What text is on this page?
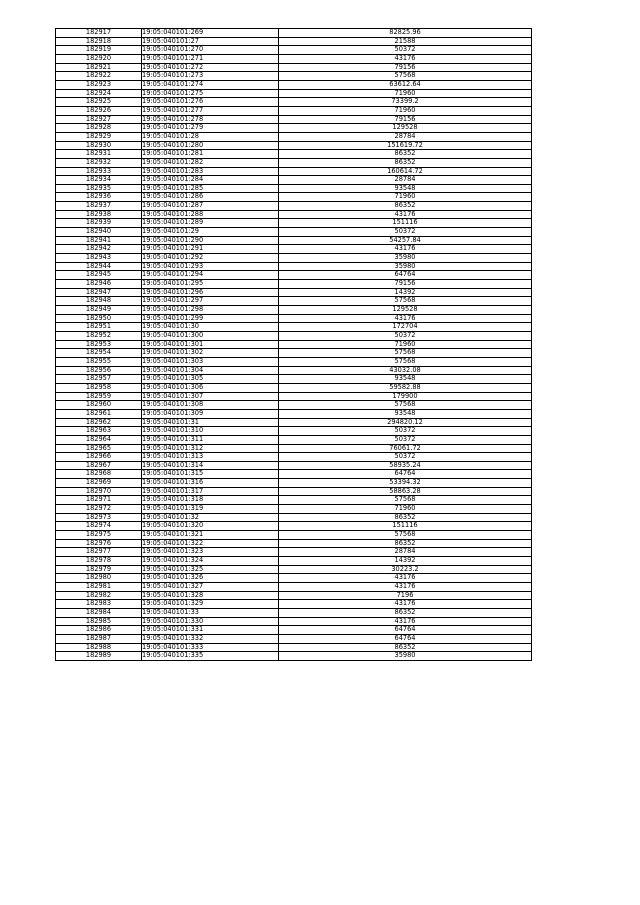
182917	19:05:040101:269	82825.96
182918	19:05:040101:27	21588
182919	19:05:040101:270	50372
182920	19:05:040101:271	43176
182921	19:05:040101:272	79156
182922	19:05:040101:273	57568
182923	19:05:040101:274	63612.64
182924	19:05:040101:275	71960
182925	19:05:040101:276	73399.2
182926	19:05:040101:277	71960
182927	19:05:040101:278	79156
182928	19:05:040101:279	129528
182929	19:05:040101:28	28784
182930	19:05:040101:280	151619.72
182931	19:05:040101:281	86352
182932	19:05:040101:282	86352
182933	19:05:040101:283	160614.72
182934	19:05:040101:284	28784
182935	19:05:040101:285	93548
182936	19:05:040101:286	71960
182937	19:05:040101:287	86352
182938	19:05:040101:288	43176
182939	19:05:040101:289	151116
182940	19:05:040101:29	50372
182941	19:05:040101:290	54257.84
182942	19:05:040101:291	43176
182943	19:05:040101:292	35980
182944	19:05:040101:293	35980
182945	19:05:040101:294	64764
182946	19:05:040101:295	79156
182947	19:05:040101:296	14392
182948	19:05:040101:297	57568
182949	19:05:040101:298	129528
182950	19:05:040101:299	43176
182951	19:05:040101:30	172704
182952	19:05:040101:300	50372
182953	19:05:040101:301	71960
182954	19:05:040101:302	57568
182955	19:05:040101:303	57568
182956	19:05:040101:304	43032.08
182957	19:05:040101:305	93548
182958	19:05:040101:306	59582.88
182959	19:05:040101:307	179900
182960	19:05:040101:308	57568
182961	19:05:040101:309	93548
182962	19:05:040101:31	294820.12
182963	19:05:040101:310	50372
182964	19:05:040101:311	50372
182965	19:05:040101:312	76061.72
182966	19:05:040101:313	50372
182967	19:05:040101:314	58935.24
182968	19:05:040101:315	64764
182969	19:05:040101:316	53394.32
182970	19:05:040101:317	58863.28
182971	19:05:040101:318	57568
182972	19:05:040101:319	71960
182973	19:05:040101:32	86352
182974	19:05:040101:320	151116
182975	19:05:040101:321	57568
182976	19:05:040101:322	86352
182977	19:05:040101:323	28784
182978	19:05:040101:324	14392
182979	19:05:040101:325	30223.2
182980	19:05:040101:326	43176
182981	19:05:040101:327	43176
182982	19:05:040101:328	7196
182983	19:05:040101:329	43176
182984	19:05:040101:33	86352
182985	19:05:040101:330	43176
182986	19:05:040101:331	64764
182987	19:05:040101:332	64764
182988	19:05:040101:333	86352
182989	19:05:040101:335	35980
